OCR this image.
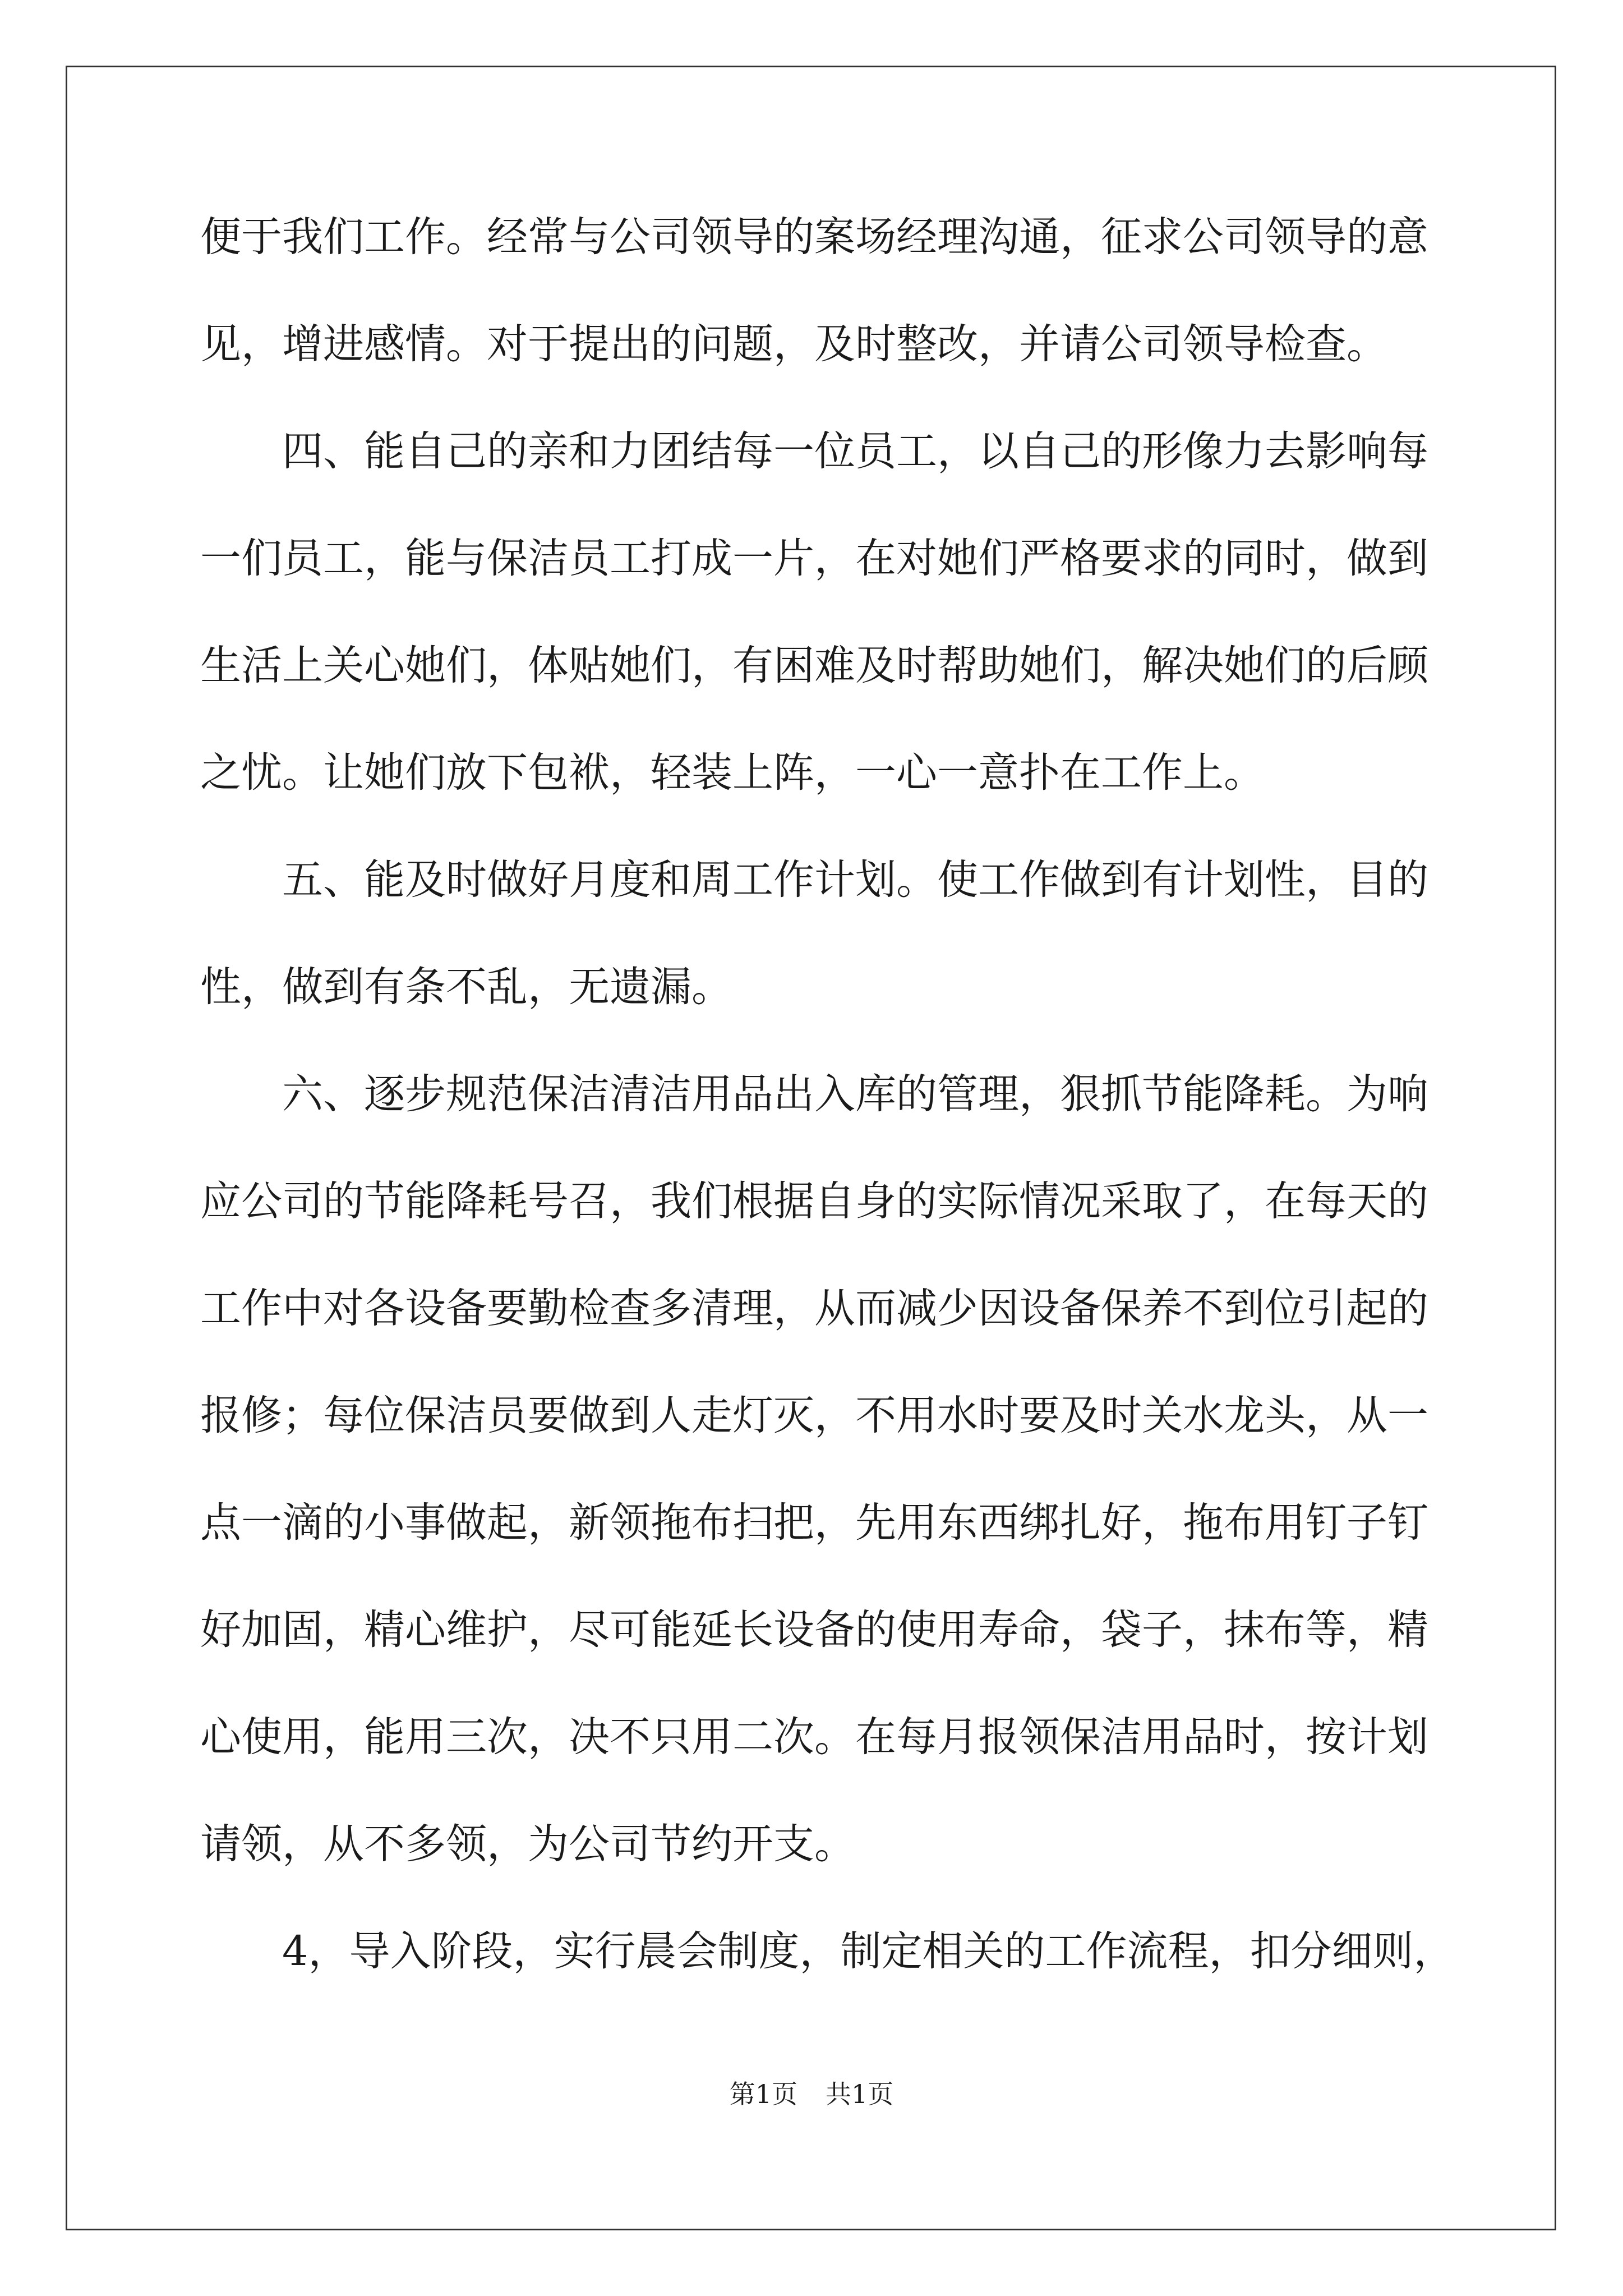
便于我们工作。经常与公司领导的案场经理沟通，征求公司领导的意
见，增进感情。对于提出的问题，及时整改，并请公司领导检查。
四、能自己的亲和力团结每一位员工，以自己的形像力去影响每
一们员工，能与保洁员工打成一片，在对她们严格要求的同时，做到
生活上关心她们，体贴她们，有困难及时帮助她们，解决她们的后顾
之忧。让她们放下包袱，轻装上阵，一心一意扑在工作上。
五、能及时做好月度和周工作计划。使工作做到有计划性，目的
性，做到有条不乱，无遗漏。
六、逐步规范保洁清洁用品出入库的管理，狠抓节能降耗。为响
应公司的节能降耗号召，我们根据自身的实际情况采取了，在每天的
工作中对各设备要勤检查多清理，从而减少因设备保养不到位引起的
报修；每位保洁员要做到人走灯灭，不用水时要及时关水龙头，从一
点一滴的小事做起，新领拖布扫把，先用东西绑扎好，拖布用钉子钉
好加固，精心维护，尽可能延长设备的使用寿命，袋子，抹布等，精
心使用，能用三次，决不只用二次。在每月报领保洁用品时，按计划
请领，从不多领，为公司节约开支。
4，导入阶段，实行晨会制度，制定相关的工作流程，扣分细则，
第1页 共1页
